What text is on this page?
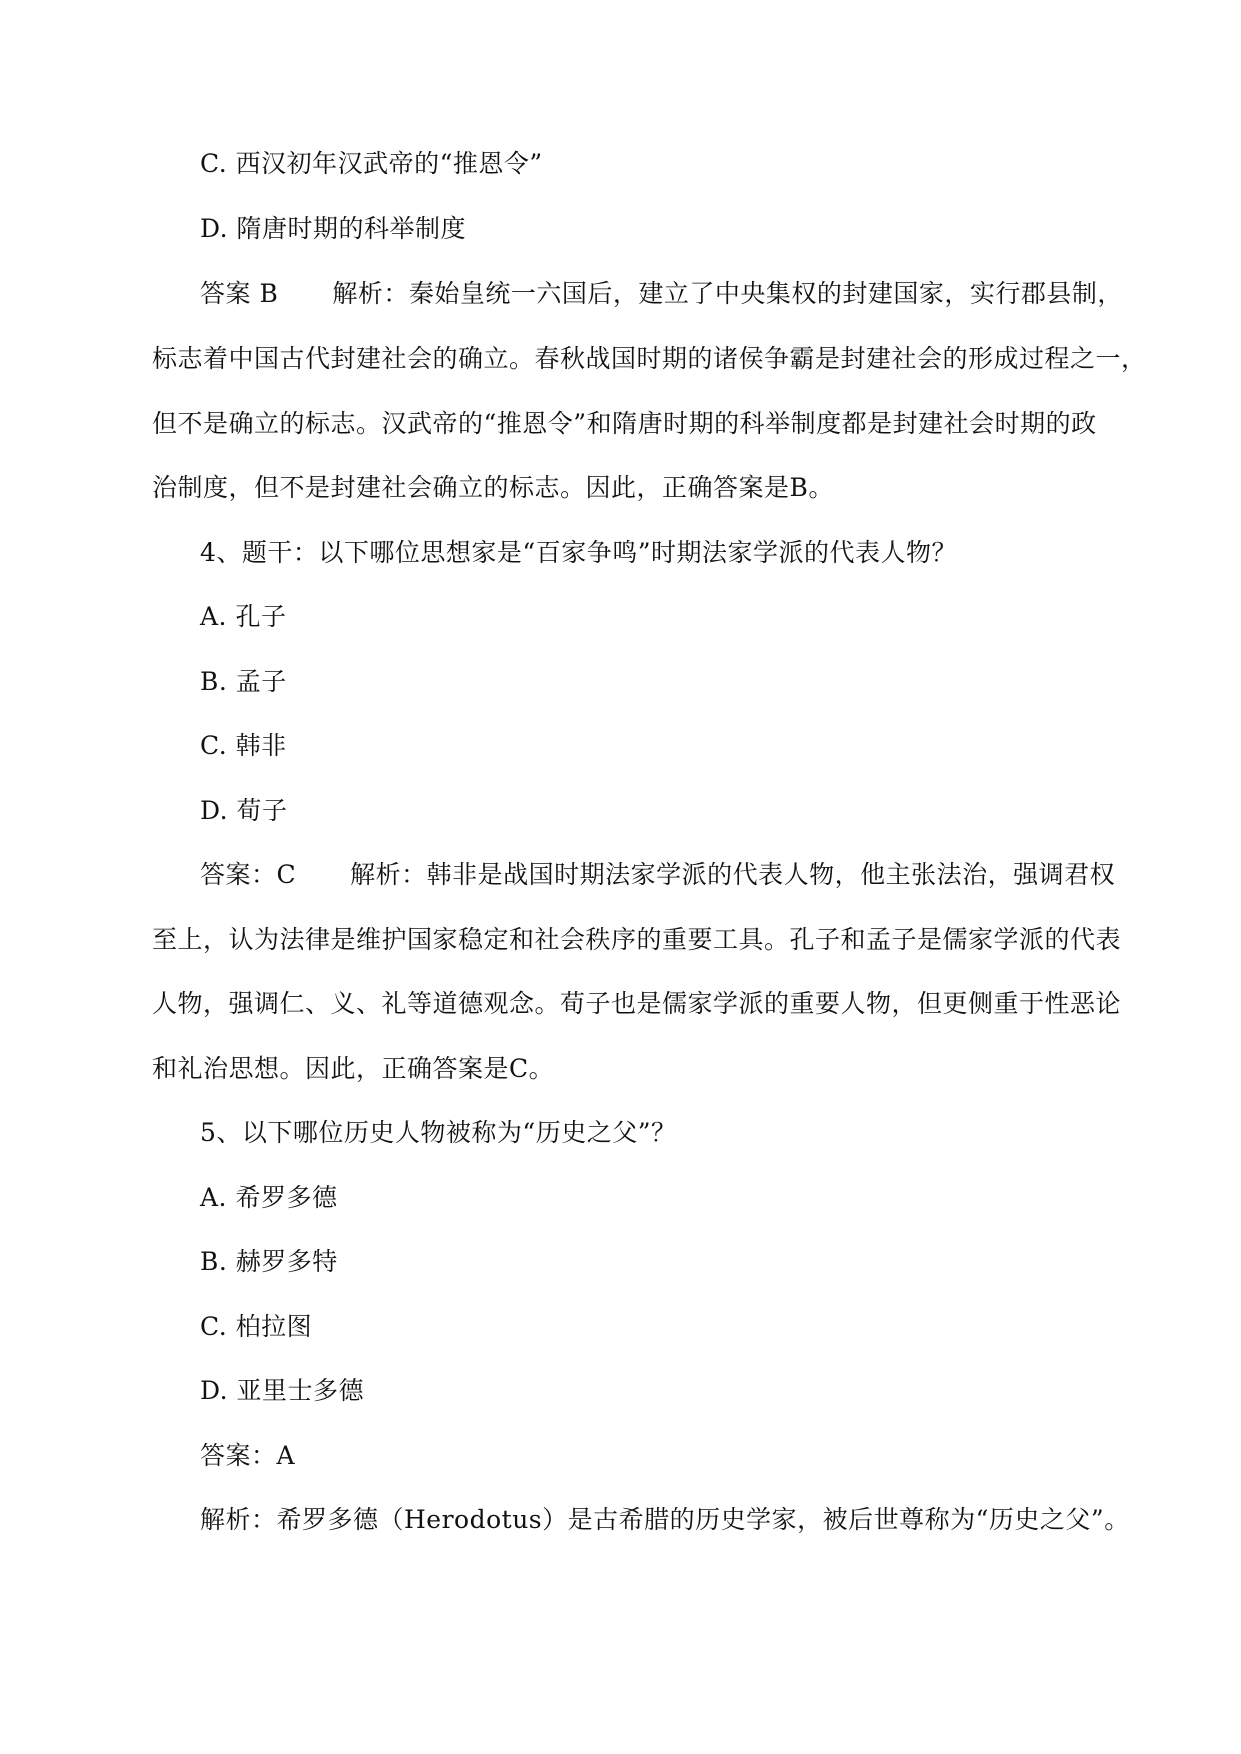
C. 西汉初年汉武帝的“推恩令”
D. 隋唐时期的科举制度
答案 B 解析：秦始皇统一六国后，建立了中央集权的封建国家，实行郡县制，
标志着中国古代封建社会的确立。春秋战国时期的诸侯争霸是封建社会的形成过程之一，
但不是确立的标志。汉武帝的“推恩令”和隋唐时期的科举制度都是封建社会时期的政
治制度，但不是封建社会确立的标志。因此，正确答案是B。
4、题干：以下哪位思想家是“百家争鸣”时期法家学派的代表人物？
A. 孔子
B. 孟子
C. 韩非
D. 荀子
答案：C 解析：韩非是战国时期法家学派的代表人物，他主张法治，强调君权
至上，认为法律是维护国家稳定和社会秩序的重要工具。孔子和孟子是儒家学派的代表
人物，强调仁、义、礼等道德观念。荀子也是儒家学派的重要人物，但更侧重于性恶论
和礼治思想。因此，正确答案是C。
5、以下哪位历史人物被称为“历史之父”？
A. 希罗多德
B. 赫罗多特
C. 柏拉图
D. 亚里士多德
答案：A
解析：希罗多德（Herodotus）是古希腊的历史学家，被后世尊称为“历史之父”。
